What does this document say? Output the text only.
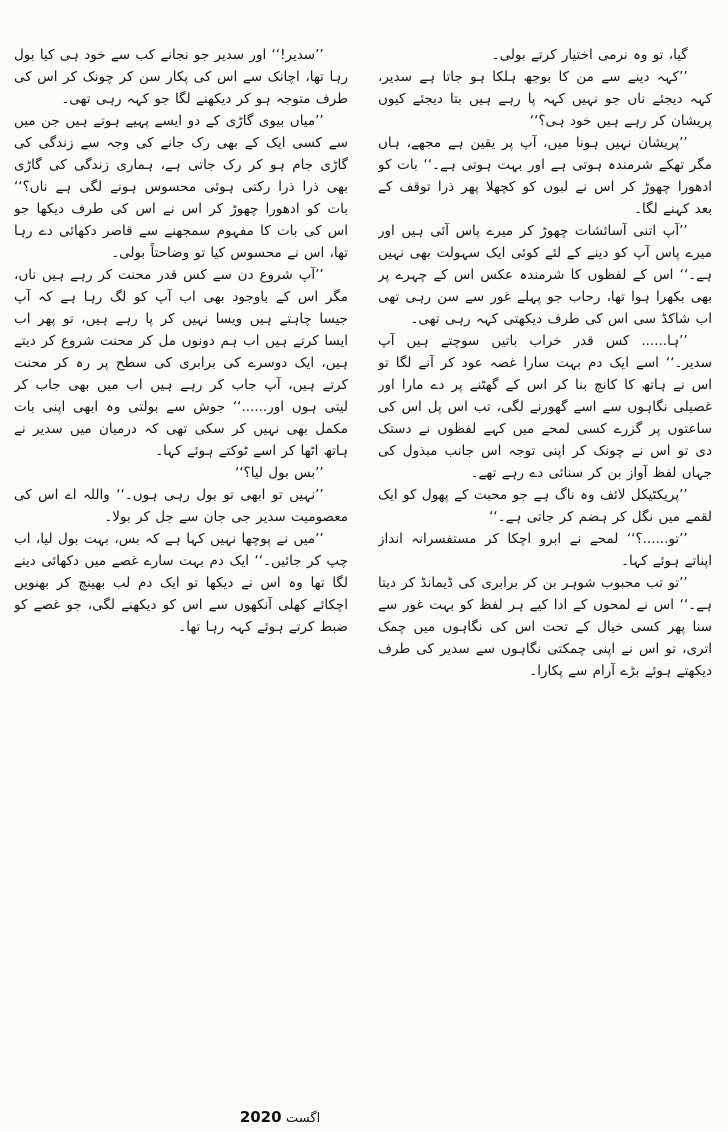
گیا، تو وہ نرمی اختیار کرتے بولی۔

’’کہہ دینے سے من کا بوجھ ہلکا ہو جاتا ہے سدیر، کہہ دیجئے ناں جو نہیں کہہ پا رہے ہیں بتا دیجئے کیوں پریشان کر رہے ہیں خود ہی؟‘‘

’’پریشان نہیں ہونا میں، آپ پر یقین ہے مجھے، ہاں مگر تھکے شرمندہ ہوتی ہے اور بہت ہوتی ہے۔‘‘ بات کو ادھورا چھوڑ کر اس نے لبوں کو کچھلا پھر ذرا توقف کے بعد کہنے لگا۔

’’آپ اتنی آسائشات چھوڑ کر میرے پاس آئی ہیں اور میرے پاس آپ کو دینے کے لئے کوئی ایک سہولت بھی نہیں ہے۔‘‘ اس کے لفظوں کا شرمندہ عکس اس کے چہرے پر بھی بکھرا ہوا تھا، رحاب جو پہلے غور سے سن رہی تھی اب شاکڈ سی اس کی طرف دیکھتی کہہ رہی تھی۔

’’ہا...... کس قدر خراب باتیں سوچتے ہیں آپ سدیر۔‘‘ اسے ایک دم بہت سارا غصہ عود کر آنے لگا تو اس نے ہاتھ کا کانچ بنا کر اس کے گھٹنے پر دے مارا اور غصیلی نگاہوں سے اسے گھورنے لگی، تب اس پل اس کی ساعتوں پر گزرے کسی لمحے میں کہے لفظوں نے دستک دی تو اس نے چونک کر اپنی توجہ اس جانب مبذول کی جہاں لفظ آواز بن کر سنائی دے رہے تھے۔

’’پریکٹیکل لائف وہ ناگ ہے جو محبت کے پھول کو ایک لقمے میں نگل کر ہضم کر جاتی ہے۔‘‘

’’تو......؟‘‘ لمحے نے ابرو اچکا کر مستفسرانہ انداز اپناتے ہوئے کہا۔

’’تو تب محبوب شوہر بن کر برابری کی ڈیمانڈ کر دیتا ہے۔‘‘ اس نے لمحوں کے ادا کیے ہر لفظ کو بہت غور سے سنا پھر کسی خیال کے تحت اس کی نگاہوں میں چمک اتری، تو اس نے اپنی چمکتی نگاہوں سے سدیر کی طرف دیکھتے ہوئے بڑے آرام سے پکارا۔

’’سدیر!‘‘ اور سدیر جو نجانے کب سے خود ہی کیا بول رہا تھا، اچانک سے اس کی پکار سن کر چونک کر اس کی طرف متوجہ ہو کر دیکھنے لگا جو کہہ رہی تھی۔

’’میاں بیوی گاڑی کے دو ایسے پہیے ہوتے ہیں جن میں سے کسی ایک کے بھی رک جانے کی وجہ سے زندگی کی گاڑی جام ہو کر رک جاتی ہے، ہماری زندگی کی گاڑی بھی ذرا ذرا رکتی ہوئی محسوس ہونے لگی ہے ناں؟‘‘ بات کو ادھورا چھوڑ کر اس نے اس کی طرف دیکھا جو اس کی بات کا مفہوم سمجھنے سے قاصر دکھائی دے رہا تھا، اس نے محسوس کیا تو وضاحتاً بولی۔

’’آپ شروع دن سے کس قدر محنت کر رہے ہیں ناں، مگر اس کے باوجود بھی اب آپ کو لگ رہا ہے کہ آپ جیسا چاہتے ہیں ویسا نہیں کر پا رہے ہیں، تو پھر اب ایسا کرتے ہیں اب ہم دونوں مل کر محنت شروع کر دیتے ہیں، ایک دوسرے کی برابری کی سطح پر رہ کر محنت کرتے ہیں، آپ جاب کر رہے ہیں اب میں بھی جاب کر لیتی ہوں اور......‘‘ جوش سے بولتی وہ ابھی اپنی بات مکمل بھی نہیں کر سکی تھی کہ درمیان میں سدیر نے ہاتھ اٹھا کر اسے ٹوکتے ہوئے کہا۔

’’بس بول لیا؟‘‘

’’نہیں تو ابھی تو بول رہی ہوں۔‘‘ واللہ اے اس کی معصومیت سدیر جی جان سے جل کر بولا۔

’’میں نے پوچھا نہیں کہا ہے کہ بس، بہت بول لیا، اب چپ کر جائیں۔‘‘ ایک دم بہت سارے غصے میں دکھائی دینے لگا تھا وہ اس نے دیکھا تو ایک دم لب بھینچ کر بھنویں اچکائے کھلی آنکھوں سے اس کو دیکھنے لگی، جو غصے کو ضبط کرتے ہوئے کہہ رہا تھا۔

اگست 2020
